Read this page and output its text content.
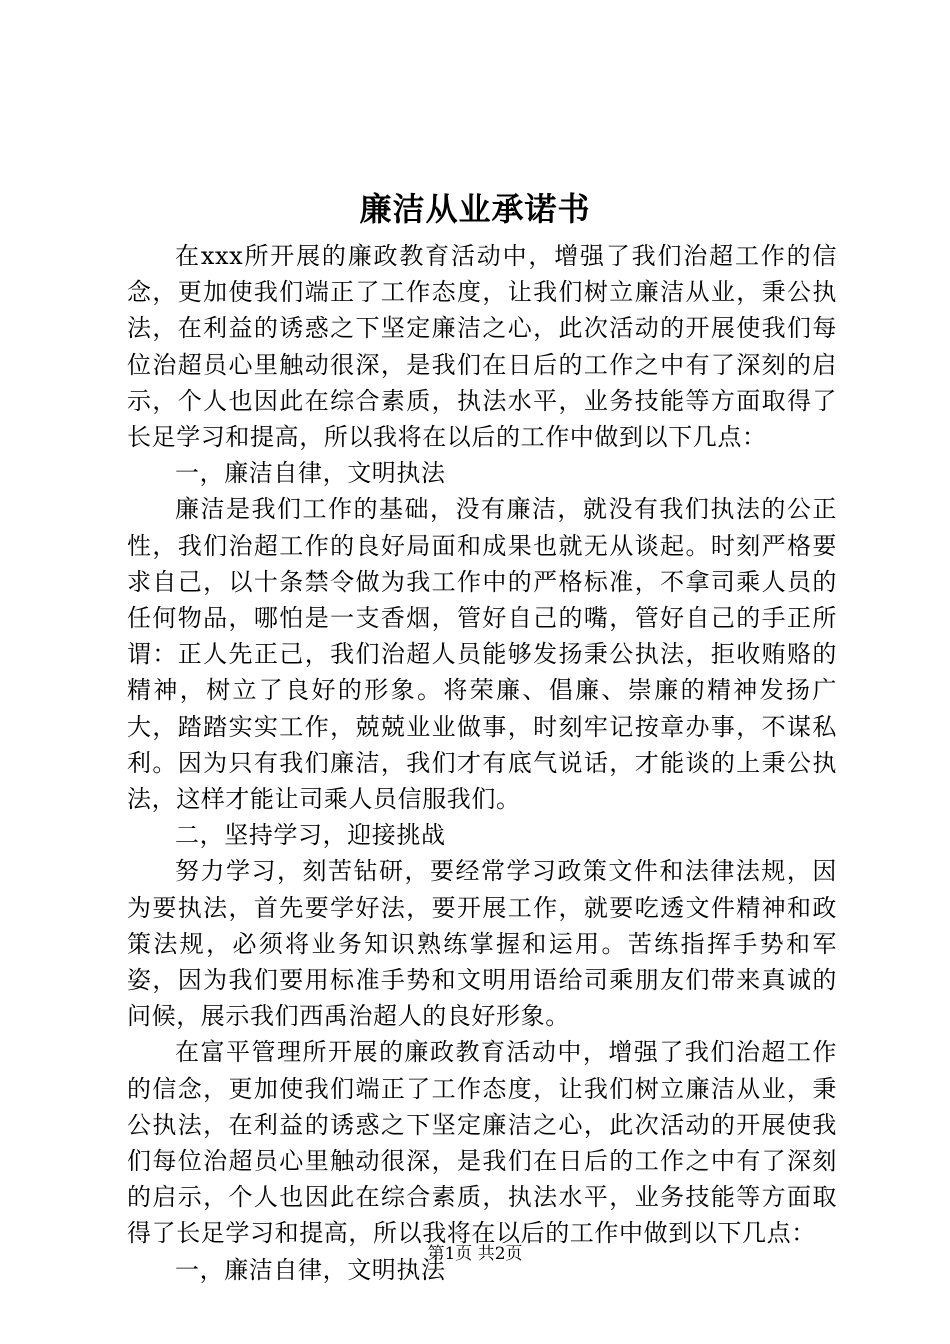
廉洁从业承诺书

在xxx所开展的廉政教育活动中，增强了我们治超工作的信念，更加使我们端正了工作态度，让我们树立廉洁从业，秉公执法，在利益的诱惑之下坚定廉洁之心，此次活动的开展使我们每位治超员心里触动很深，是我们在日后的工作之中有了深刻的启示，个人也因此在综合素质，执法水平，业务技能等方面取得了长足学习和提高，所以我将在以后的工作中做到以下几点：

一，廉洁自律，文明执法

廉洁是我们工作的基础，没有廉洁，就没有我们执法的公正性，我们治超工作的良好局面和成果也就无从谈起。时刻严格要求自己，以十条禁令做为我工作中的严格标准，不拿司乘人员的任何物品，哪怕是一支香烟，管好自己的嘴，管好自己的手正所谓：正人先正己，我们治超人员能够发扬秉公执法，拒收贿赂的精神，树立了良好的形象。将荣廉、倡廉、崇廉的精神发扬广大，踏踏实实工作，兢兢业业做事，时刻牢记按章办事，不谋私利。因为只有我们廉洁，我们才有底气说话，才能谈的上秉公执法，这样才能让司乘人员信服我们。

二，坚持学习，迎接挑战

努力学习，刻苦钻研，要经常学习政策文件和法律法规，因为要执法，首先要学好法，要开展工作，就要吃透文件精神和政策法规，必须将业务知识熟练掌握和运用。苦练指挥手势和军姿，因为我们要用标准手势和文明用语给司乘朋友们带来真诚的问候，展示我们西禹治超人的良好形象。

在富平管理所开展的廉政教育活动中，增强了我们治超工作的信念，更加使我们端正了工作态度，让我们树立廉洁从业，秉公执法，在利益的诱惑之下坚定廉洁之心，此次活动的开展使我们每位治超员心里触动很深，是我们在日后的工作之中有了深刻的启示，个人也因此在综合素质，执法水平，业务技能等方面取得了长足学习和提高，所以我将在以后的工作中做到以下几点：

一，廉洁自律，文明执法

第1页 共2页
